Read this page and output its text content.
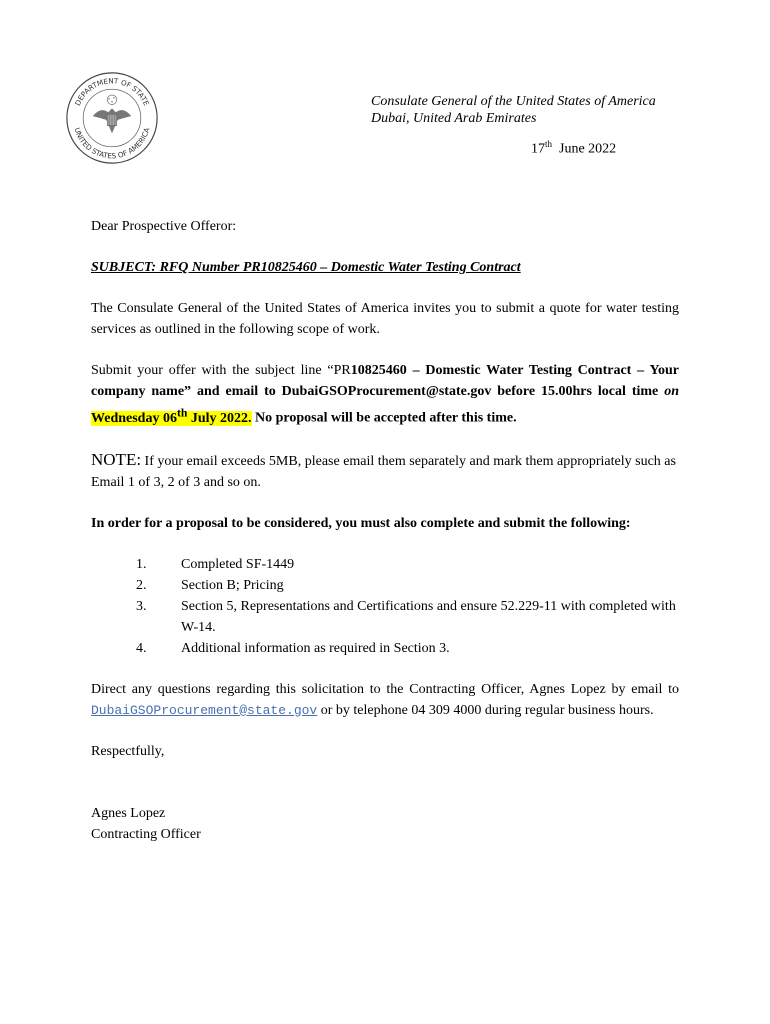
DEPARTMENT OF STATE
UNITED STATES OF AMERICA
Consulate General of the United States of America
Dubai, United Arab Emirates
17th June 2022

Dear Prospective Offeror:

SUBJECT: RFQ Number PR10825460 – Domestic Water Testing Contract

The Consulate General of the United States of America invites you to submit a quote for water testing services as outlined in the following scope of work.

Submit your offer with the subject line “PR10825460 – Domestic Water Testing Contract – Your company name” and email to DubaiGSOProcurement@state.gov before 15.00hrs local time on Wednesday 06th July 2022. No proposal will be accepted after this time.

NOTE: If your email exceeds 5MB, please email them separately and mark them appropriately such as Email 1 of 3, 2 of 3 and so on.

In order for a proposal to be considered, you must also complete and submit the following:

1. Completed SF-1449
2. Section B; Pricing
3. Section 5, Representations and Certifications and ensure 52.229-11 with completed with W-14.
4. Additional information as required in Section 3.

Direct any questions regarding this solicitation to the Contracting Officer, Agnes Lopez by email to DubaiGSOProcurement@state.gov or by telephone 04 309 4000 during regular business hours.

Respectfully,

Agnes Lopez

Contracting Officer
